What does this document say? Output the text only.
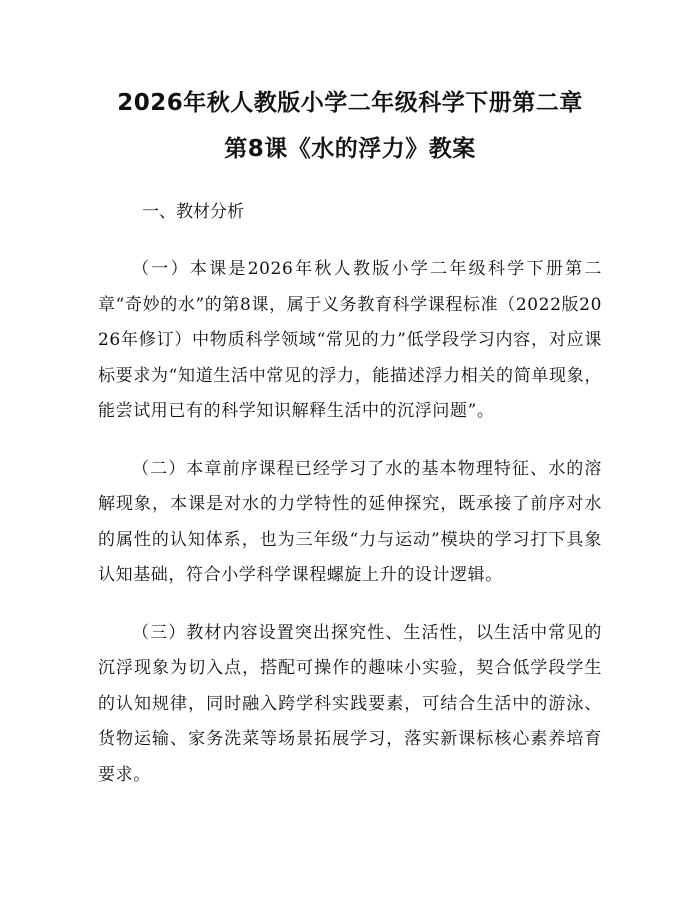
2026年秋人教版小学二年级科学下册第二章
第8课《水的浮力》教案
一、教材分析

（一）本课是2026年秋人教版小学二年级科学下册第二章“奇妙的水”的第8课，属于义务教育科学课程标准（2022版2026年修订）中物质科学领域“常见的力”低学段学习内容，对应课标要求为“知道生活中常见的浮力，能描述浮力相关的简单现象，能尝试用已有的科学知识解释生活中的沉浮问题”。

（二）本章前序课程已经学习了水的基本物理特征、水的溶解现象，本课是对水的力学特性的延伸探究，既承接了前序对水的属性的认知体系，也为三年级“力与运动”模块的学习打下具象认知基础，符合小学科学课程螺旋上升的设计逻辑。

（三）教材内容设置突出探究性、生活性，以生活中常见的沉浮现象为切入点，搭配可操作的趣味小实验，契合低学段学生的认知规律，同时融入跨学科实践要素，可结合生活中的游泳、货物运输、家务洗菜等场景拓展学习，落实新课标核心素养培育要求。
